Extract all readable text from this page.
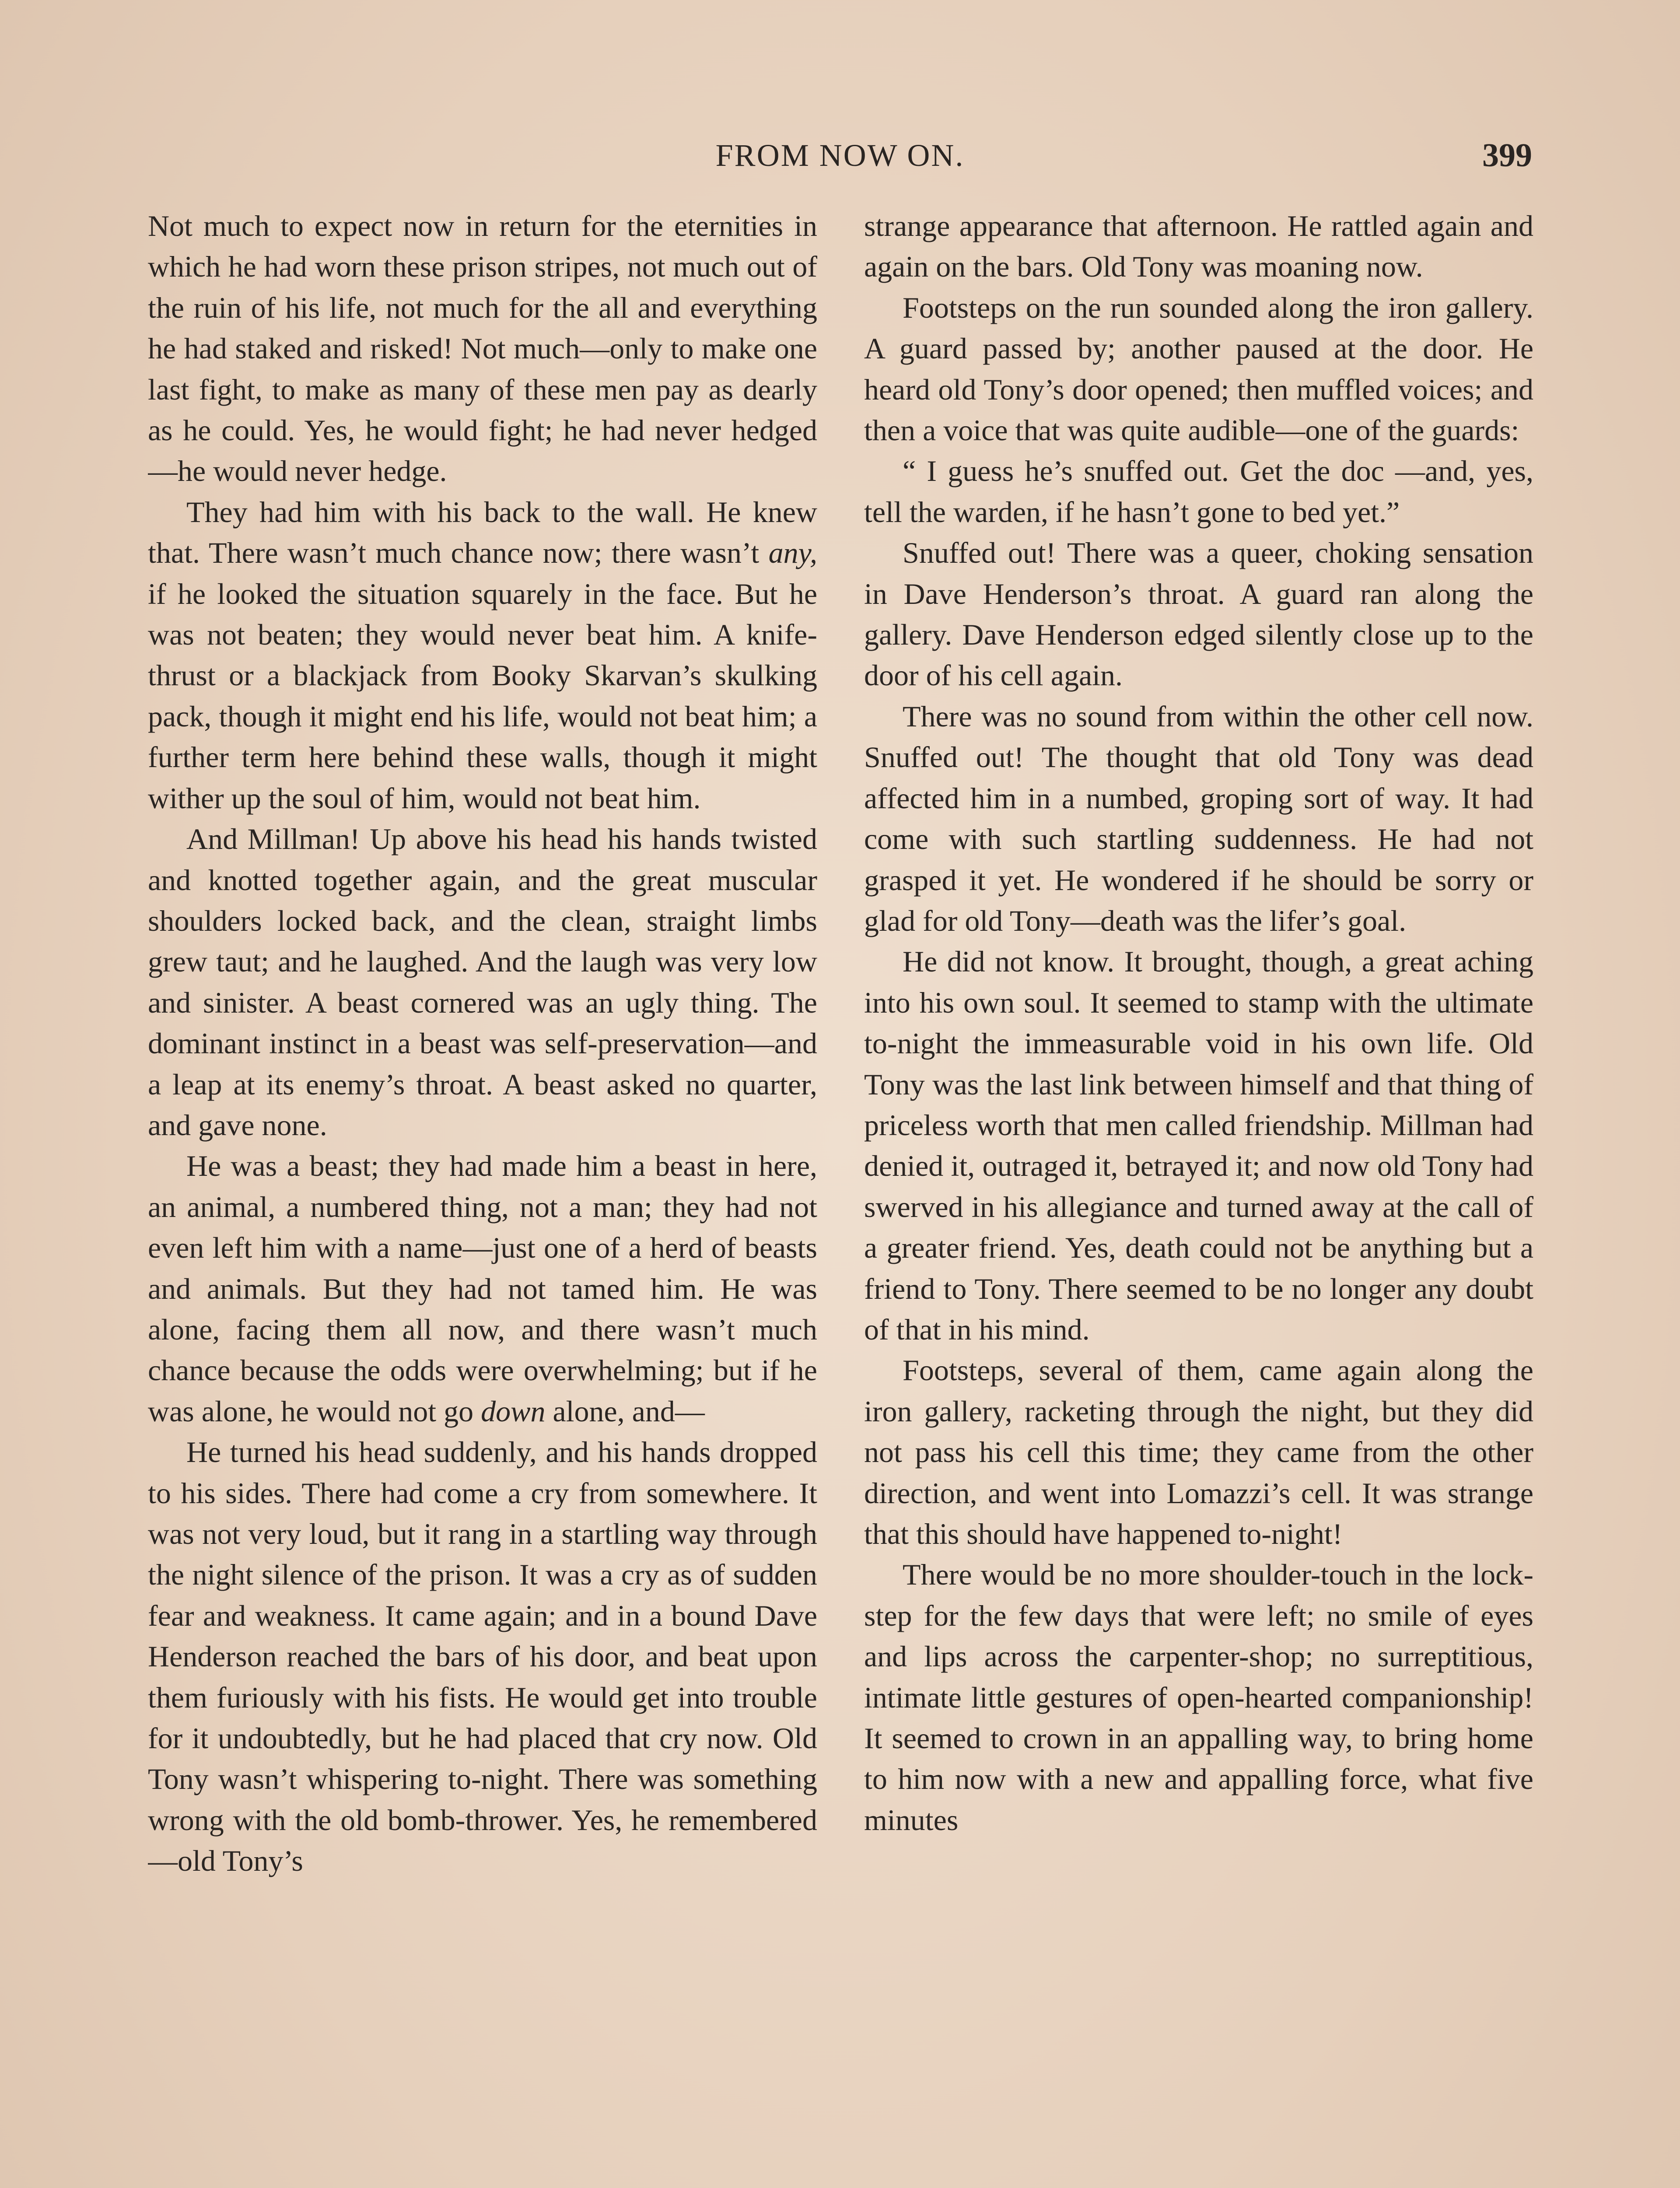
FROM NOW ON.	399

Not much to expect now in return for the eternities in which he had worn these prison stripes, not much out of the ruin of his life, not much for the all and everything he had staked and risked! Not much—only to make one last fight, to make as many of these men pay as dearly as he could. Yes, he would fight; he had never hedged—he would never hedge.

They had him with his back to the wall. He knew that. There wasn’t much chance now; there wasn’t any, if he looked the situation squarely in the face. But he was not beaten; they would never beat him. A knife-thrust or a blackjack from Booky Skarvan’s skulking pack, though it might end his life, would not beat him; a further term here behind these walls, though it might wither up the soul of him, would not beat him.

And Millman! Up above his head his hands twisted and knotted together again, and the great muscular shoulders locked back, and the clean, straight limbs grew taut; and he laughed. And the laugh was very low and sinister. A beast cornered was an ugly thing. The dominant instinct in a beast was self-preservation—and a leap at its enemy’s throat. A beast asked no quarter, and gave none.

He was a beast; they had made him a beast in here, an animal, a numbered thing, not a man; they had not even left him with a name—just one of a herd of beasts and animals. But they had not tamed him. He was alone, facing them all now, and there wasn’t much chance because the odds were overwhelming; but if he was alone, he would not go down alone, and—

He turned his head suddenly, and his hands dropped to his sides. There had come a cry from somewhere. It was not very loud, but it rang in a startling way through the night silence of the prison. It was a cry as of sudden fear and weakness. It came again; and in a bound Dave Henderson reached the bars of his door, and beat upon them furiously with his fists. He would get into trouble for it undoubtedly, but he had placed that cry now. Old Tony wasn’t whispering to-night. There was something wrong with the old bomb-thrower. Yes, he remembered—old Tony’s

strange appearance that afternoon. He rattled again and again on the bars. Old Tony was moaning now.

Footsteps on the run sounded along the iron gallery. A guard passed by; another paused at the door. He heard old Tony’s door opened; then muffled voices; and then a voice that was quite audible—one of the guards:

“ I guess he’s snuffed out. Get the doc —and, yes, tell the warden, if he hasn’t gone to bed yet.”

Snuffed out! There was a queer, choking sensation in Dave Henderson’s throat. A guard ran along the gallery. Dave Henderson edged silently close up to the door of his cell again.

There was no sound from within the other cell now. Snuffed out! The thought that old Tony was dead affected him in a numbed, groping sort of way. It had come with such startling suddenness. He had not grasped it yet. He wondered if he should be sorry or glad for old Tony—death was the lifer’s goal.

He did not know. It brought, though, a great aching into his own soul. It seemed to stamp with the ultimate to-night the immeasurable void in his own life. Old Tony was the last link between himself and that thing of priceless worth that men called friendship. Millman had denied it, outraged it, betrayed it; and now old Tony had swerved in his allegiance and turned away at the call of a greater friend. Yes, death could not be anything but a friend to Tony. There seemed to be no longer any doubt of that in his mind.

Footsteps, several of them, came again along the iron gallery, racketing through the night, but they did not pass his cell this time; they came from the other direction, and went into Lomazzi’s cell. It was strange that this should have happened to-night!

There would be no more shoulder-touch in the lock-step for the few days that were left; no smile of eyes and lips across the carpenter-shop; no surreptitious, intimate little gestures of open-hearted companionship! It seemed to crown in an appalling way, to bring home to him now with a new and appalling force, what five minutes
